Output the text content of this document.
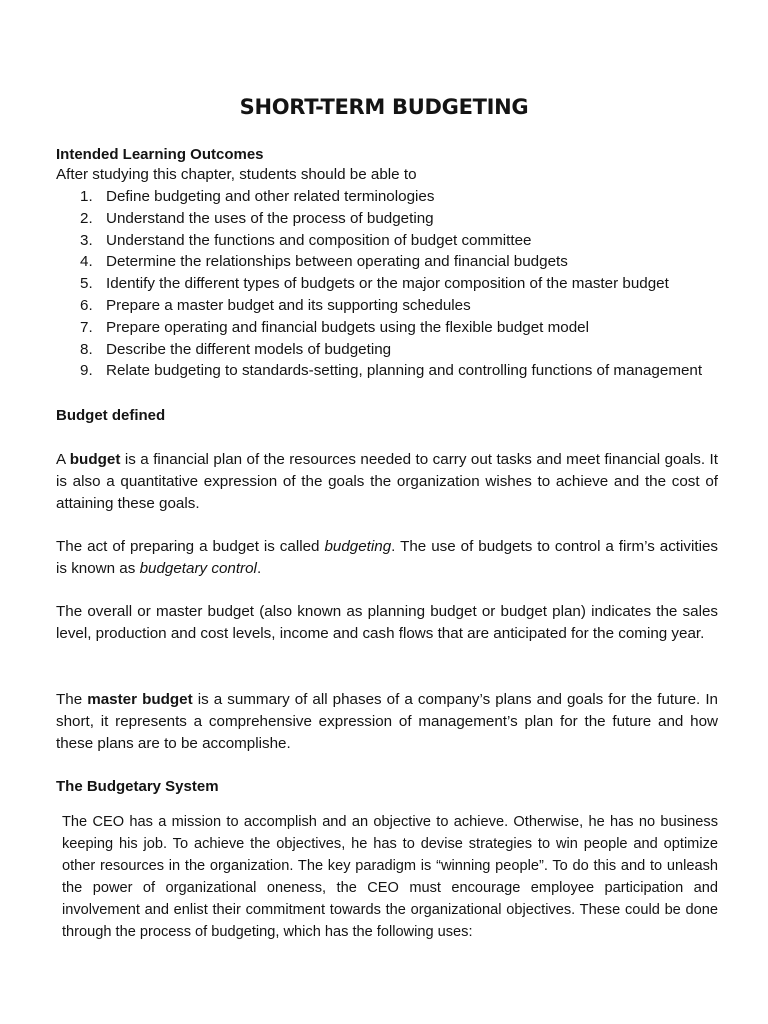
SHORT-TERM BUDGETING
Intended Learning Outcomes
After studying this chapter, students should be able to
1. Define budgeting and other related terminologies
2. Understand the uses of the process of budgeting
3. Understand the functions and composition of budget committee
4. Determine the relationships between operating and financial budgets
5. Identify the different types of budgets or the major composition of the master budget
6. Prepare a master budget and its supporting schedules
7. Prepare operating and financial budgets using the flexible budget model
8. Describe the different models of budgeting
9. Relate budgeting to standards-setting, planning and controlling functions of management
Budget defined
A budget is a financial plan of the resources needed to carry out tasks and meet financial goals. It is also a quantitative expression of the goals the organization wishes to achieve and the cost of attaining these goals.
The act of preparing a budget is called budgeting. The use of budgets to control a firm’s activities is known as budgetary control.
The overall or master budget (also known as planning budget or budget plan) indicates the sales level, production and cost levels, income and cash flows that are anticipated for the coming year.
The master budget is a summary of all phases of a company’s plans and goals for the future. In short, it represents a comprehensive expression of management’s plan for the future and how these plans are to be accomplishe.
The Budgetary System
The CEO has a mission to accomplish and an objective to achieve. Otherwise, he has no business keeping his job. To achieve the objectives, he has to devise strategies to win people and optimize other resources in the organization. The key paradigm is “winning people”. To do this and to unleash the power of organizational oneness, the CEO must encourage employee participation and involvement and enlist their commitment towards the organizational objectives. These could be done through the process of budgeting, which has the following uses:
